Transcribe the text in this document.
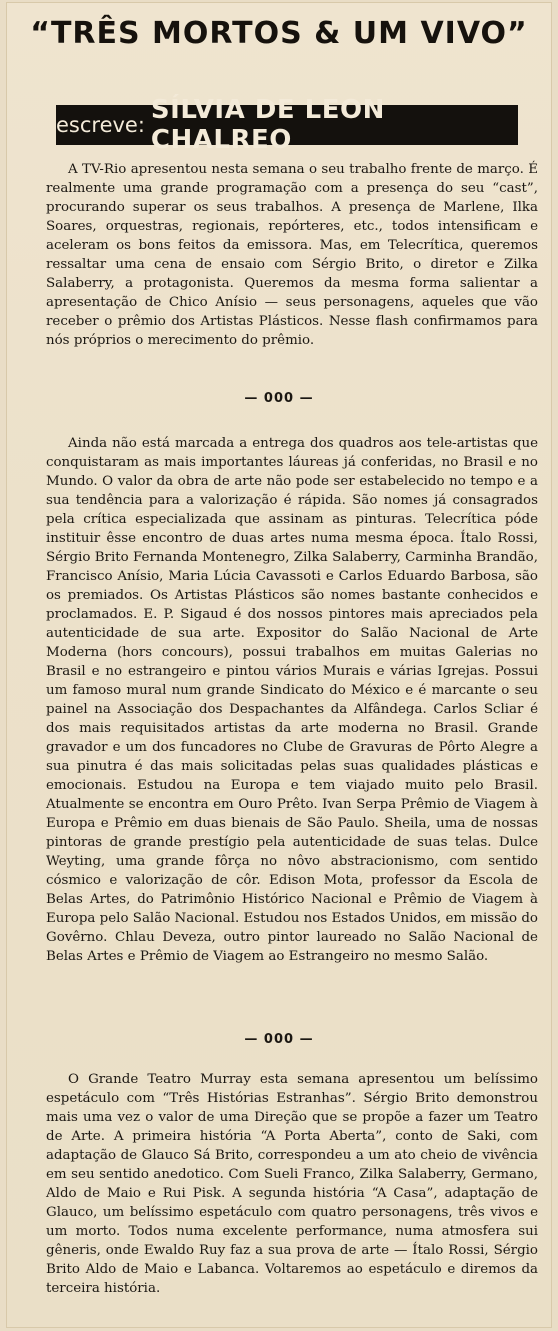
“TRÊS MORTOS & UM VIVO”
escreve: SÍLVIA DE LEON CHALREO
A TV-Rio apresentou nesta semana o seu trabalho frente de março. É realmente uma grande programação com a presença do seu “cast”, procurando superar os seus trabalhos. A presença de Marlene, Ilka Soares, orquestras, regionais, repórteres, etc., todos intensificam e aceleram os bons feitos da emissora. Mas, em Telecrítica, queremos ressaltar uma cena de ensaio com Sérgio Brito, o diretor e Zilka Salaberry, a protagonista. Queremos da mesma forma salientar a apresentação de Chico Anísio — seus personagens, aqueles que vão receber o prêmio dos Artistas Plásticos. Nesse flash confirmamos para nós próprios o merecimento do prêmio.
— 000 —
Ainda não está marcada a entrega dos quadros aos tele-artistas que conquistaram as mais importantes láureas já conferidas, no Brasil e no Mundo. O valor da obra de arte não pode ser estabelecido no tempo e a sua tendência para a valorização é rápida. São nomes já consagrados pela crítica especializada que assinam as pinturas. Telecrítica póde instituir êsse encontro de duas artes numa mesma época. Ítalo Rossi, Sérgio Brito Fernanda Montenegro, Zilka Salaberry, Carminha Brandão, Francisco Anísio, Maria Lúcia Cavassoti e Carlos Eduardo Barbosa, são os premiados. Os Artistas Plásticos são nomes bastante conhecidos e proclamados. E. P. Sigaud é dos nossos pintores mais apreciados pela autenticidade de sua arte. Expositor do Salão Nacional de Arte Moderna (hors concours), possui trabalhos em muitas Galerias no Brasil e no estrangeiro e pintou vários Murais e várias Igrejas. Possui um famoso mural num grande Sindicato do México e é marcante o seu painel na Associação dos Despachantes da Alfândega. Carlos Scliar é dos mais requisitados artistas da arte moderna no Brasil. Grande gravador e um dos funcadores no Clube de Gravuras de Pôrto Alegre a sua pinutra é das mais solicitadas pelas suas qualidades plásticas e emocionais. Estudou na Europa e tem viajado muito pelo Brasil. Atualmente se encontra em Ouro Prêto. Ivan Serpa Prêmio de Viagem à Europa e Prêmio em duas bienais de São Paulo. Sheila, uma de nossas pintoras de grande prestígio pela autenticidade de suas telas. Dulce Weyting, uma grande fôrça no nôvo abstracionismo, com sentido cósmico e valorização de côr. Edison Mota, professor da Escola de Belas Artes, do Patrimônio Histórico Nacional e Prêmio de Viagem à Europa pelo Salão Nacional. Estudou nos Estados Unidos, em missão do Govêrno. Chlau Deveza, outro pintor laureado no Salão Nacional de Belas Artes e Prêmio de Viagem ao Estrangeiro no mesmo Salão.
— 000 —
O Grande Teatro Murray esta semana apresentou um belíssimo espetáculo com “Três Histórias Estranhas”. Sérgio Brito demonstrou mais uma vez o valor de uma Direção que se propõe a fazer um Teatro de Arte. A primeira história “A Porta Aberta”, conto de Saki, com adaptação de Glauco Sá Brito, correspondeu a um ato cheio de vivência em seu sentido anedotico. Com Sueli Franco, Zilka Salaberry, Germano, Aldo de Maio e Rui Pisk. A segunda história “A Casa”, adaptação de Glauco, um belíssimo espetáculo com quatro personagens, três vivos e um morto. Todos numa excelente performance, numa atmosfera sui gêneris, onde Ewaldo Ruy faz a sua prova de arte — Ítalo Rossi, Sérgio Brito Aldo de Maio e Labanca. Voltaremos ao espetáculo e diremos da terceira história.
